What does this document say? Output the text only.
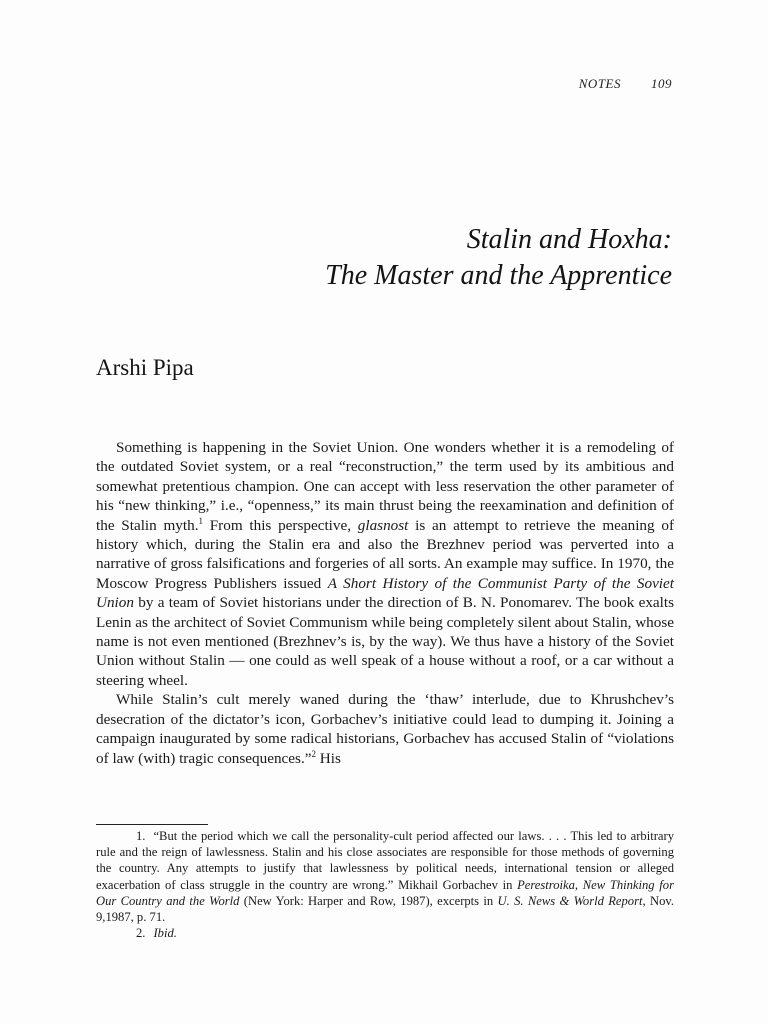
NOTES 109
Stalin and Hoxha:
The Master and the Apprentice
Arshi Pipa

Something is happening in the Soviet Union. One wonders whether it is a remodeling of the outdated Soviet system, or a real “reconstruction,” the term used by its ambitious and somewhat pretentious champion. One can accept with less reservation the other parameter of his “new thinking,” i.e., “openness,” its main thrust being the reexamination and definition of the Stalin myth.$^1$ From this perspective, glasnost is an attempt to retrieve the meaning of history which, during the Stalin era and also the Brezhnev period was perverted into a narrative of gross falsifications and forgeries of all sorts. An example may suffice. In 1970, the Moscow Progress Publishers issued A Short History of the Communist Party of the Soviet Union by a team of Soviet historians under the direction of B. N. Ponomarev. The book exalts Lenin as the architect of Soviet Communism while being completely silent about Stalin, whose name is not even mentioned (Brezhnev’s is, by the way). We thus have a history of the Soviet Union without Stalin — one could as well speak of a house without a roof, or a car without a steering wheel.

While Stalin’s cult merely waned during the ‘thaw’ interlude, due to Khrushchev’s desecration of the dictator’s icon, Gorbachev’s initiative could lead to dumping it. Joining a campaign inaugurated by some radical historians, Gorbachev has accused Stalin of “violations of law (with) tragic consequences.”$^2$ His

1. “But the period which we call the personality-cult period affected our laws. . . . This led to arbitrary rule and the reign of lawlessness. Stalin and his close associates are responsible for those methods of governing the country. Any attempts to justify that lawlessness by political needs, international tension or alleged exacerbation of class struggle in the country are wrong.” Mikhail Gorbachev in Perestroika, New Thinking for Our Country and the World (New York: Harper and Row, 1987), excerpts in U. S. News & World Report, Nov. 9,1987, p. 71.

2. Ibid.
